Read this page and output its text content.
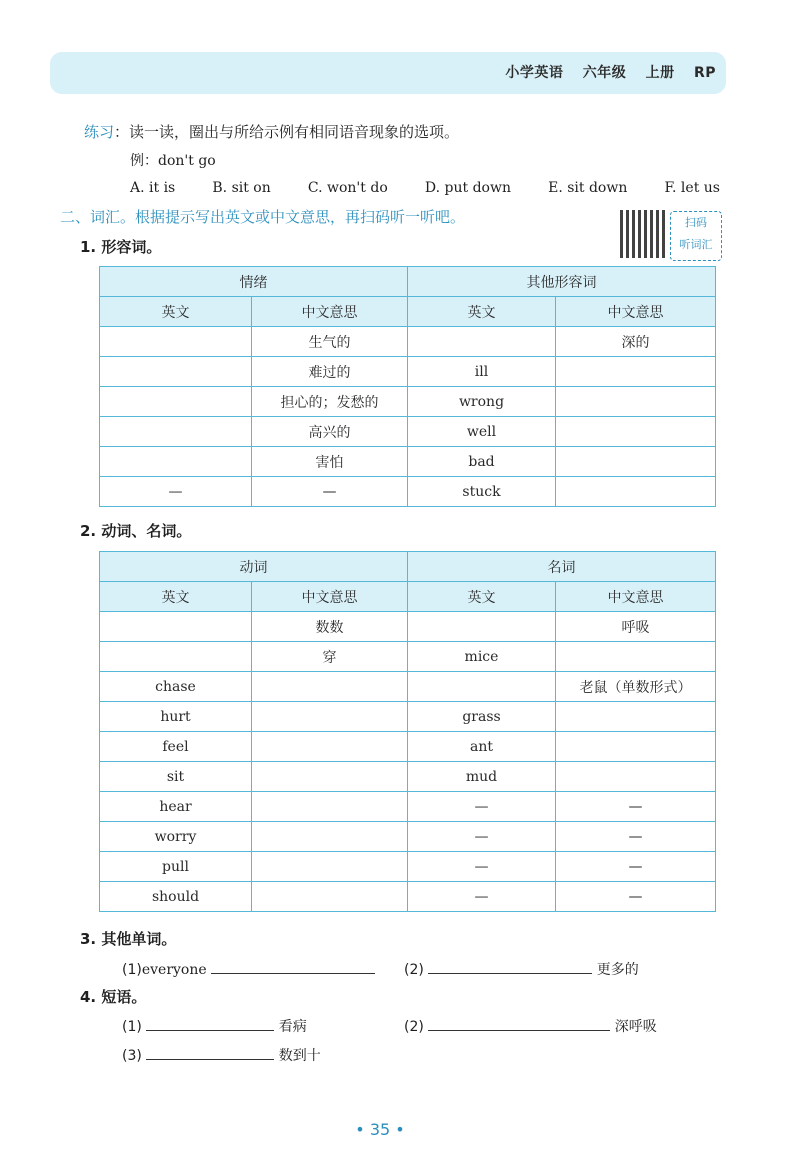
小学英语 六年级 上册 RP
练习：读一读，圈出与所给示例有相同语音现象的选项。
例：don't go
A. it is	B. sit on	C. won't do	D. put down	E. sit down	F. let us
二、词汇。根据提示写出英文或中文意思，再扫码听一听吧。	扫码
听词汇
1. 形容词。
情绪		其他形容词	
英文	中文意思	英文	中文意思
	生气的		深的
	难过的	ill	
	担心的；发愁的	wrong	
	高兴的	well	
	害怕	bad	
—	—	stuck	
2. 动词、名词。
动词		名词	
英文	中文意思	英文	中文意思
	数数		呼吸
	穿	mice	
chase			老鼠（单数形式）
hurt		grass	
feel		ant	
sit		mud	
hear		—	—
worry		—	—
pull		—	—
should		—	—
3. 其他单词。
(1)everyone	(2)	更多的
4. 短语。
(1)	看病	(2)	深呼吸
(3)	数到十
• 35 •
